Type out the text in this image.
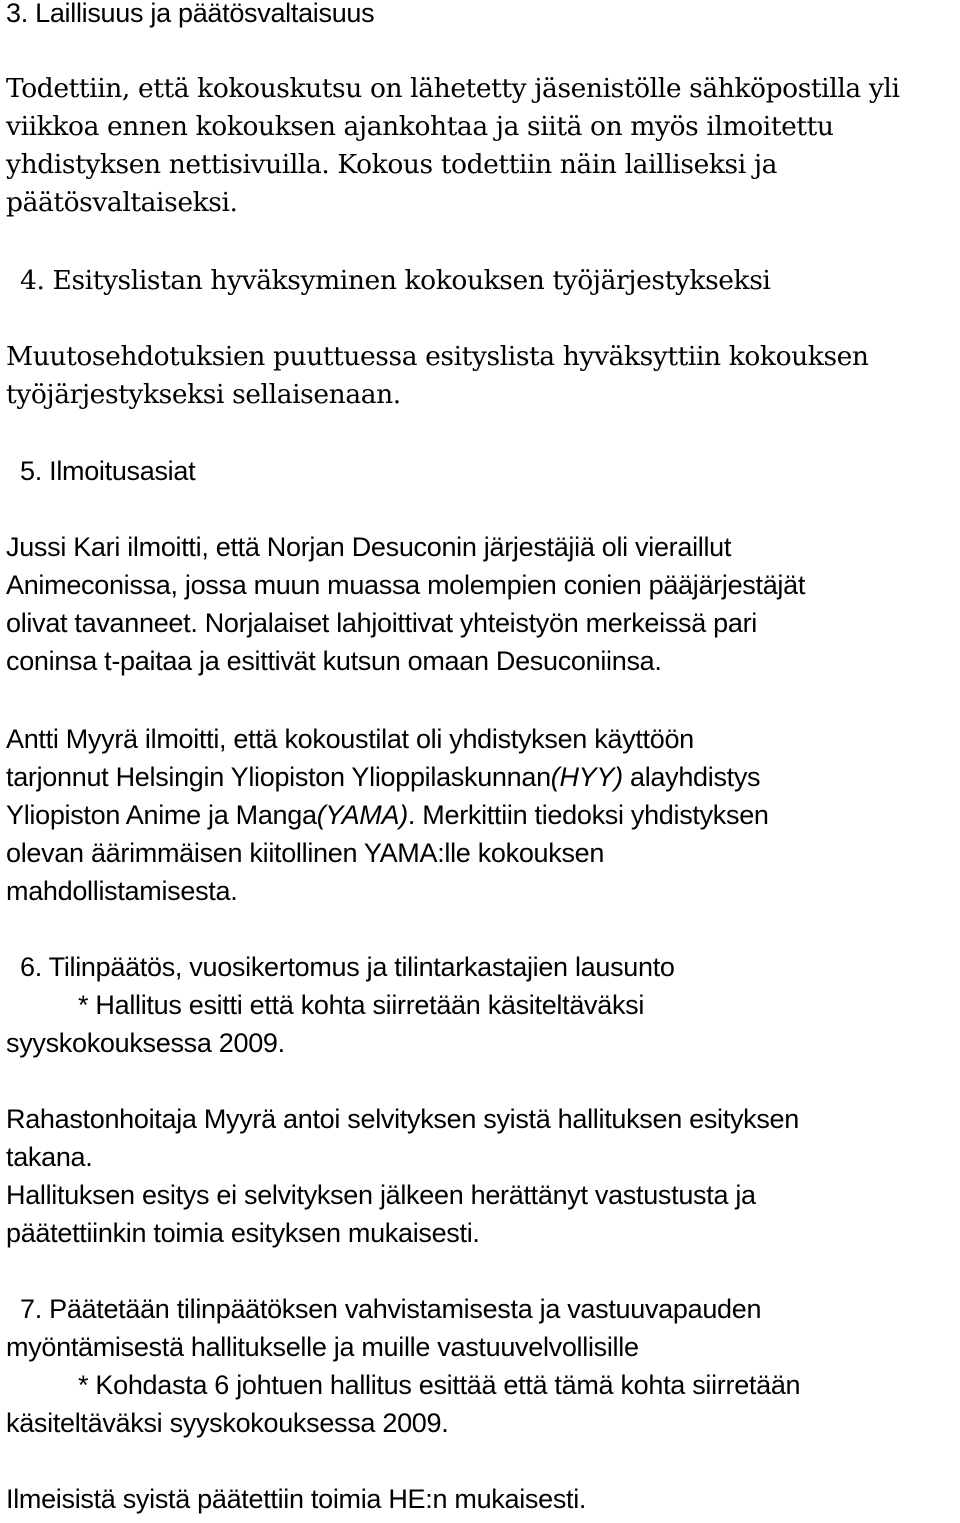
3. Laillisuus ja päätösvaltaisuus
Todettiin, että kokouskutsu on lähetetty jäsenistölle sähköpostilla yli
viikkoa ennen kokouksen ajankohtaa ja siitä on myös ilmoitettu
yhdistyksen nettisivuilla. Kokous todettiin näin lailliseksi ja
päätösvaltaiseksi.
4. Esityslistan hyväksyminen kokouksen työjärjestykseksi
Muutosehdotuksien puuttuessa esityslista hyväksyttiin kokouksen
työjärjestykseksi sellaisenaan.
5. Ilmoitusasiat
Jussi Kari ilmoitti, että Norjan Desuconin järjestäjiä oli vieraillut
Animeconissa, jossa muun muassa molempien conien pääjärjestäjät
olivat tavanneet. Norjalaiset lahjoittivat yhteistyön merkeissä pari
coninsa t-paitaa ja esittivät kutsun omaan Desuconiinsa.
Antti Myyrä ilmoitti, että kokoustilat oli yhdistyksen käyttöön
tarjonnut Helsingin Yliopiston Ylioppilaskunnan(HYY) alayhdistys
Yliopiston Anime ja Manga(YAMA). Merkittiin tiedoksi yhdistyksen
olevan äärimmäisen kiitollinen YAMA:lle kokouksen
mahdollistamisesta.
6. Tilinpäätös, vuosikertomus ja tilintarkastajien lausunto
* Hallitus esitti että kohta siirretään käsiteltäväksi
syyskokouksessa 2009.
Rahastonhoitaja Myyrä antoi selvityksen syistä hallituksen esityksen
takana.
Hallituksen esitys ei selvityksen jälkeen herättänyt vastustusta ja
päätettiinkin toimia esityksen mukaisesti.
7. Päätetään tilinpäätöksen vahvistamisesta ja vastuuvapauden
myöntämisestä hallitukselle ja muille vastuuvelvollisille
* Kohdasta 6 johtuen hallitus esittää että tämä kohta siirretään
käsiteltäväksi syyskokouksessa 2009.
Ilmeisistä syistä päätettiin toimia HE:n mukaisesti.
